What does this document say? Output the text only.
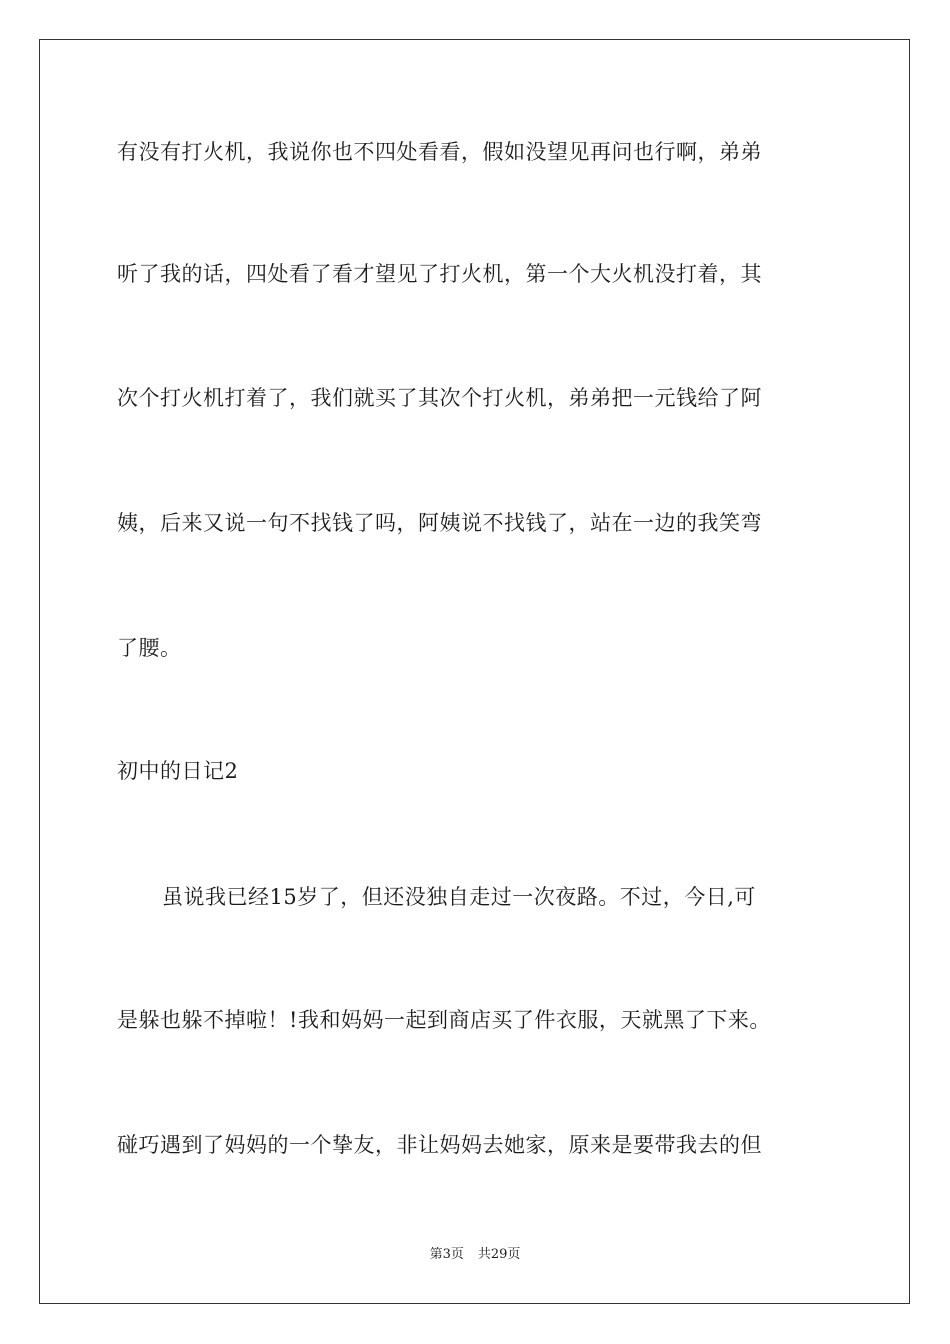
有没有打火机，我说你也不四处看看，假如没望见再问也行啊，弟弟
听了我的话，四处看了看才望见了打火机，第一个大火机没打着，其
次个打火机打着了，我们就买了其次个打火机，弟弟把一元钱给了阿
姨，后来又说一句不找钱了吗，阿姨说不找钱了，站在一边的我笑弯
了腰。
初中的日记2
虽说我已经15岁了，但还没独自走过一次夜路。不过，今日,可
是躲也躲不掉啦！!我和妈妈一起到商店买了件衣服，天就黑了下来。
碰巧遇到了妈妈的一个挚友，非让妈妈去她家，原来是要带我去的但
第3页 共29页
